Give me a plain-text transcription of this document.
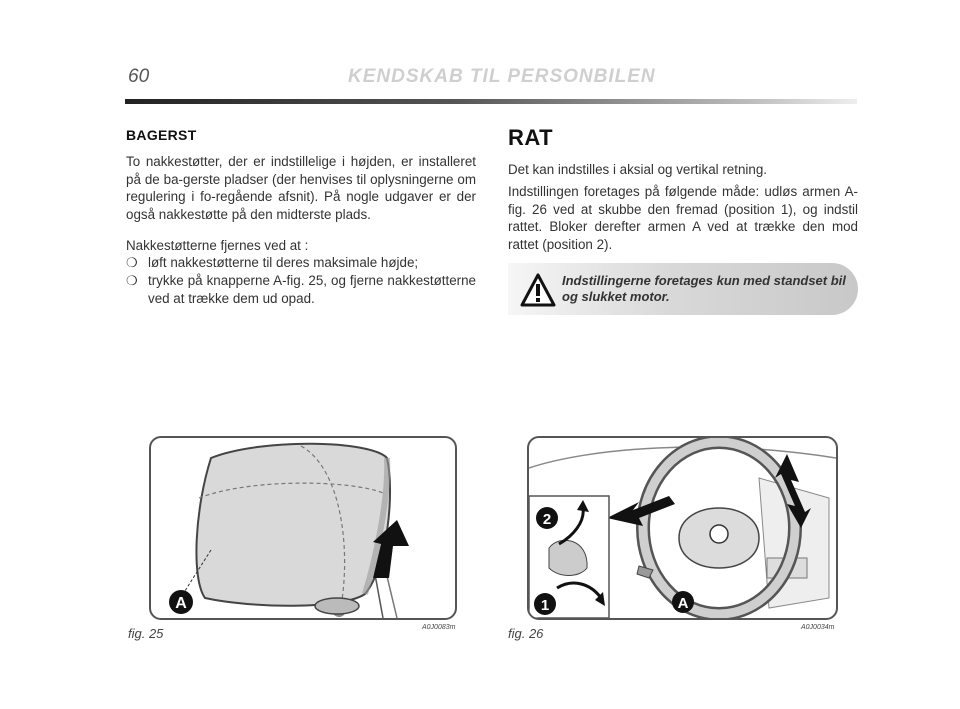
60	KENDSKAB TIL PERSONBILEN
BAGERST

To nakkestøtter, der er indstillelige i højden, er installeret på de ba-gerste pladser (der henvises til oplysningerne om regulering i fo-regående afsnit). På nogle udgaver er der også nakkestøtte på den midterste plads.

Nakkestøtterne fjernes ved at :

❍ løft nakkestøtterne til deres maksimale højde;
❍ trykke på knapperne A-fig. 25, og fjerne nakkestøtterne ved at trække dem ud opad.
RAT

Det kan indstilles i aksial og vertikal retning.

Indstillingen foretages på følgende måde: udløs armen A-fig. 26 ved at skubbe den fremad (position 1), og indstil rattet. Bloker derefter armen A ved at trække den mod rattet (position 2).

Indstillingerne foretages kun med standset bil og slukket motor.
A
fig. 25	A0J0083m
2
1	A
fig. 26	A0J0034m
